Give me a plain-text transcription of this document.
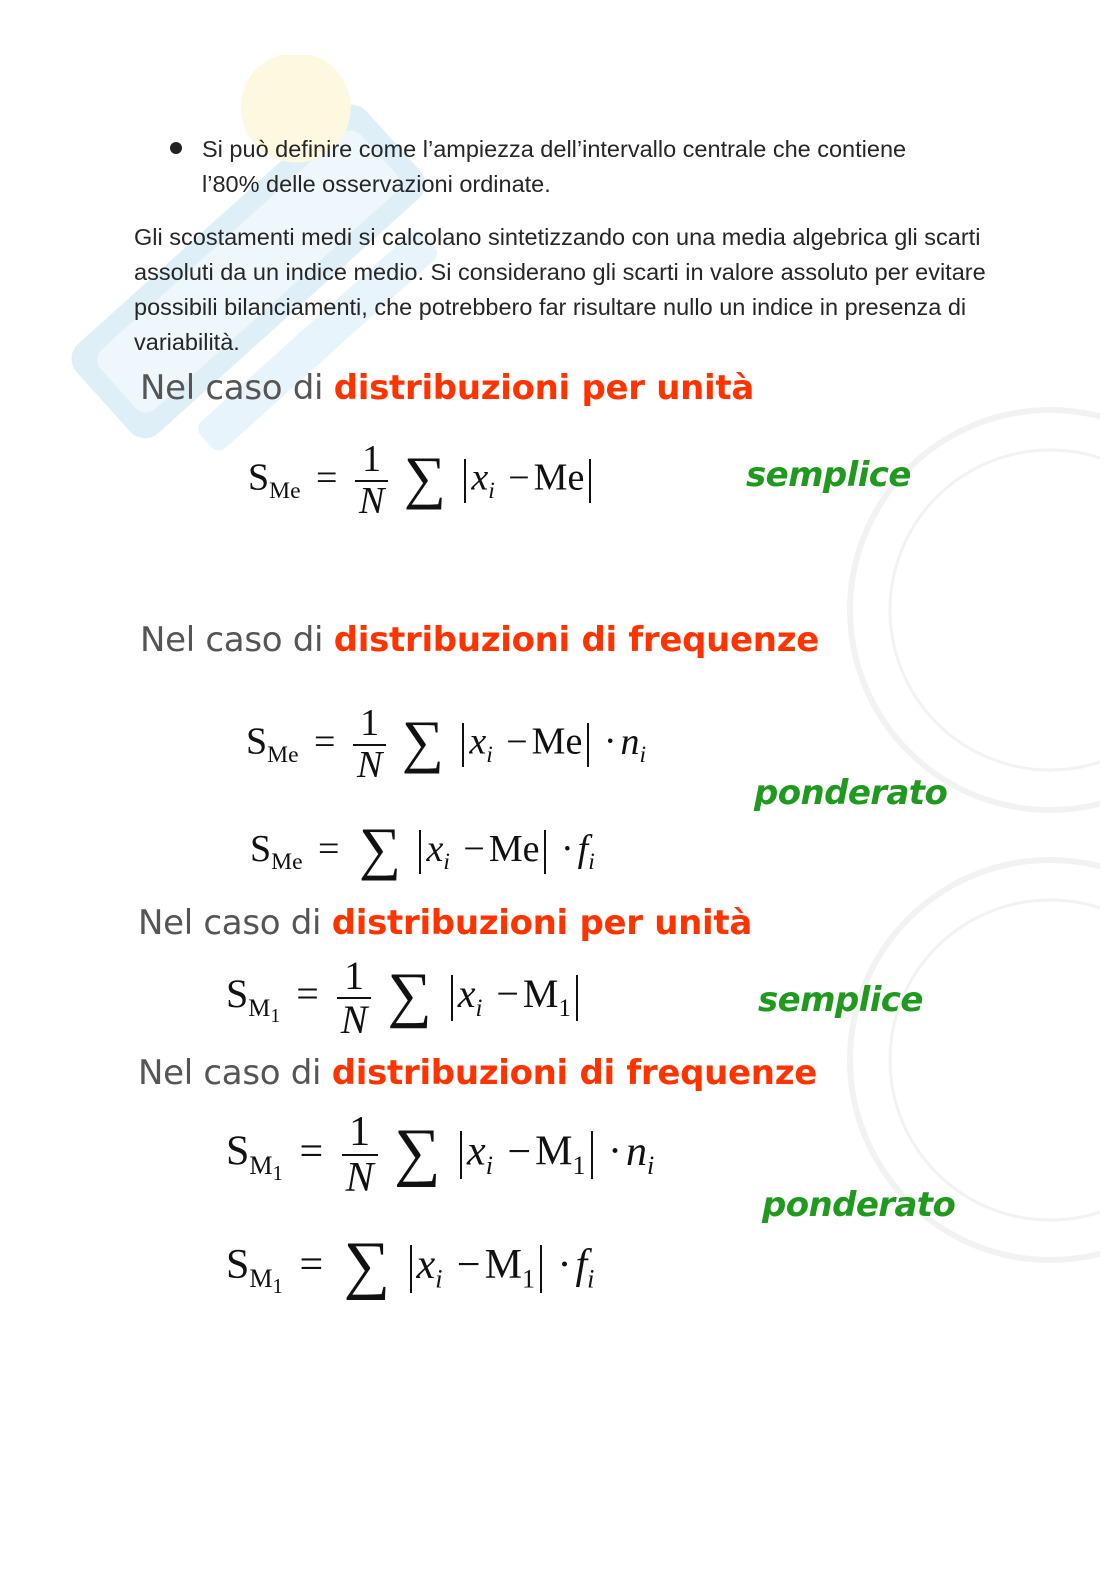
Si può definire come l’ampiezza dell’intervallo centrale che contiene l’80% delle osservazioni ordinate.
Gli scostamenti medi si calcolano sintetizzando con una media algebrica gli scarti assoluti da un indice medio. Si considerano gli scarti in valore assoluto per evitare possibili bilanciamenti, che potrebbero far risultare nullo un indice in presenza di variabilità.
Nel caso di distribuzioni per unità
$S_{Me} = \frac{1}{N}$ ∑ $x_i - Me$	semplice
Nel caso di distribuzioni di frequenze
$S_{Me} = \frac{1}{N}$ ∑ $x_i - Me \cdot n_i$
$S_{Me}$ = ∑ $x_i - Me \cdot f_i$
ponderato
Nel caso di distribuzioni per unità
$S_{M_1} = \frac{1}{N}$ ∑ $x_i - M_1$	semplice
Nel caso di distribuzioni di frequenze
$S_{M_1} = \frac{1}{N}$ ∑ $x_i -M_1 \cdot n_i$
$S_{M_1}$ = ∑ $x_i -M_1 \cdot f_i$
ponderato
